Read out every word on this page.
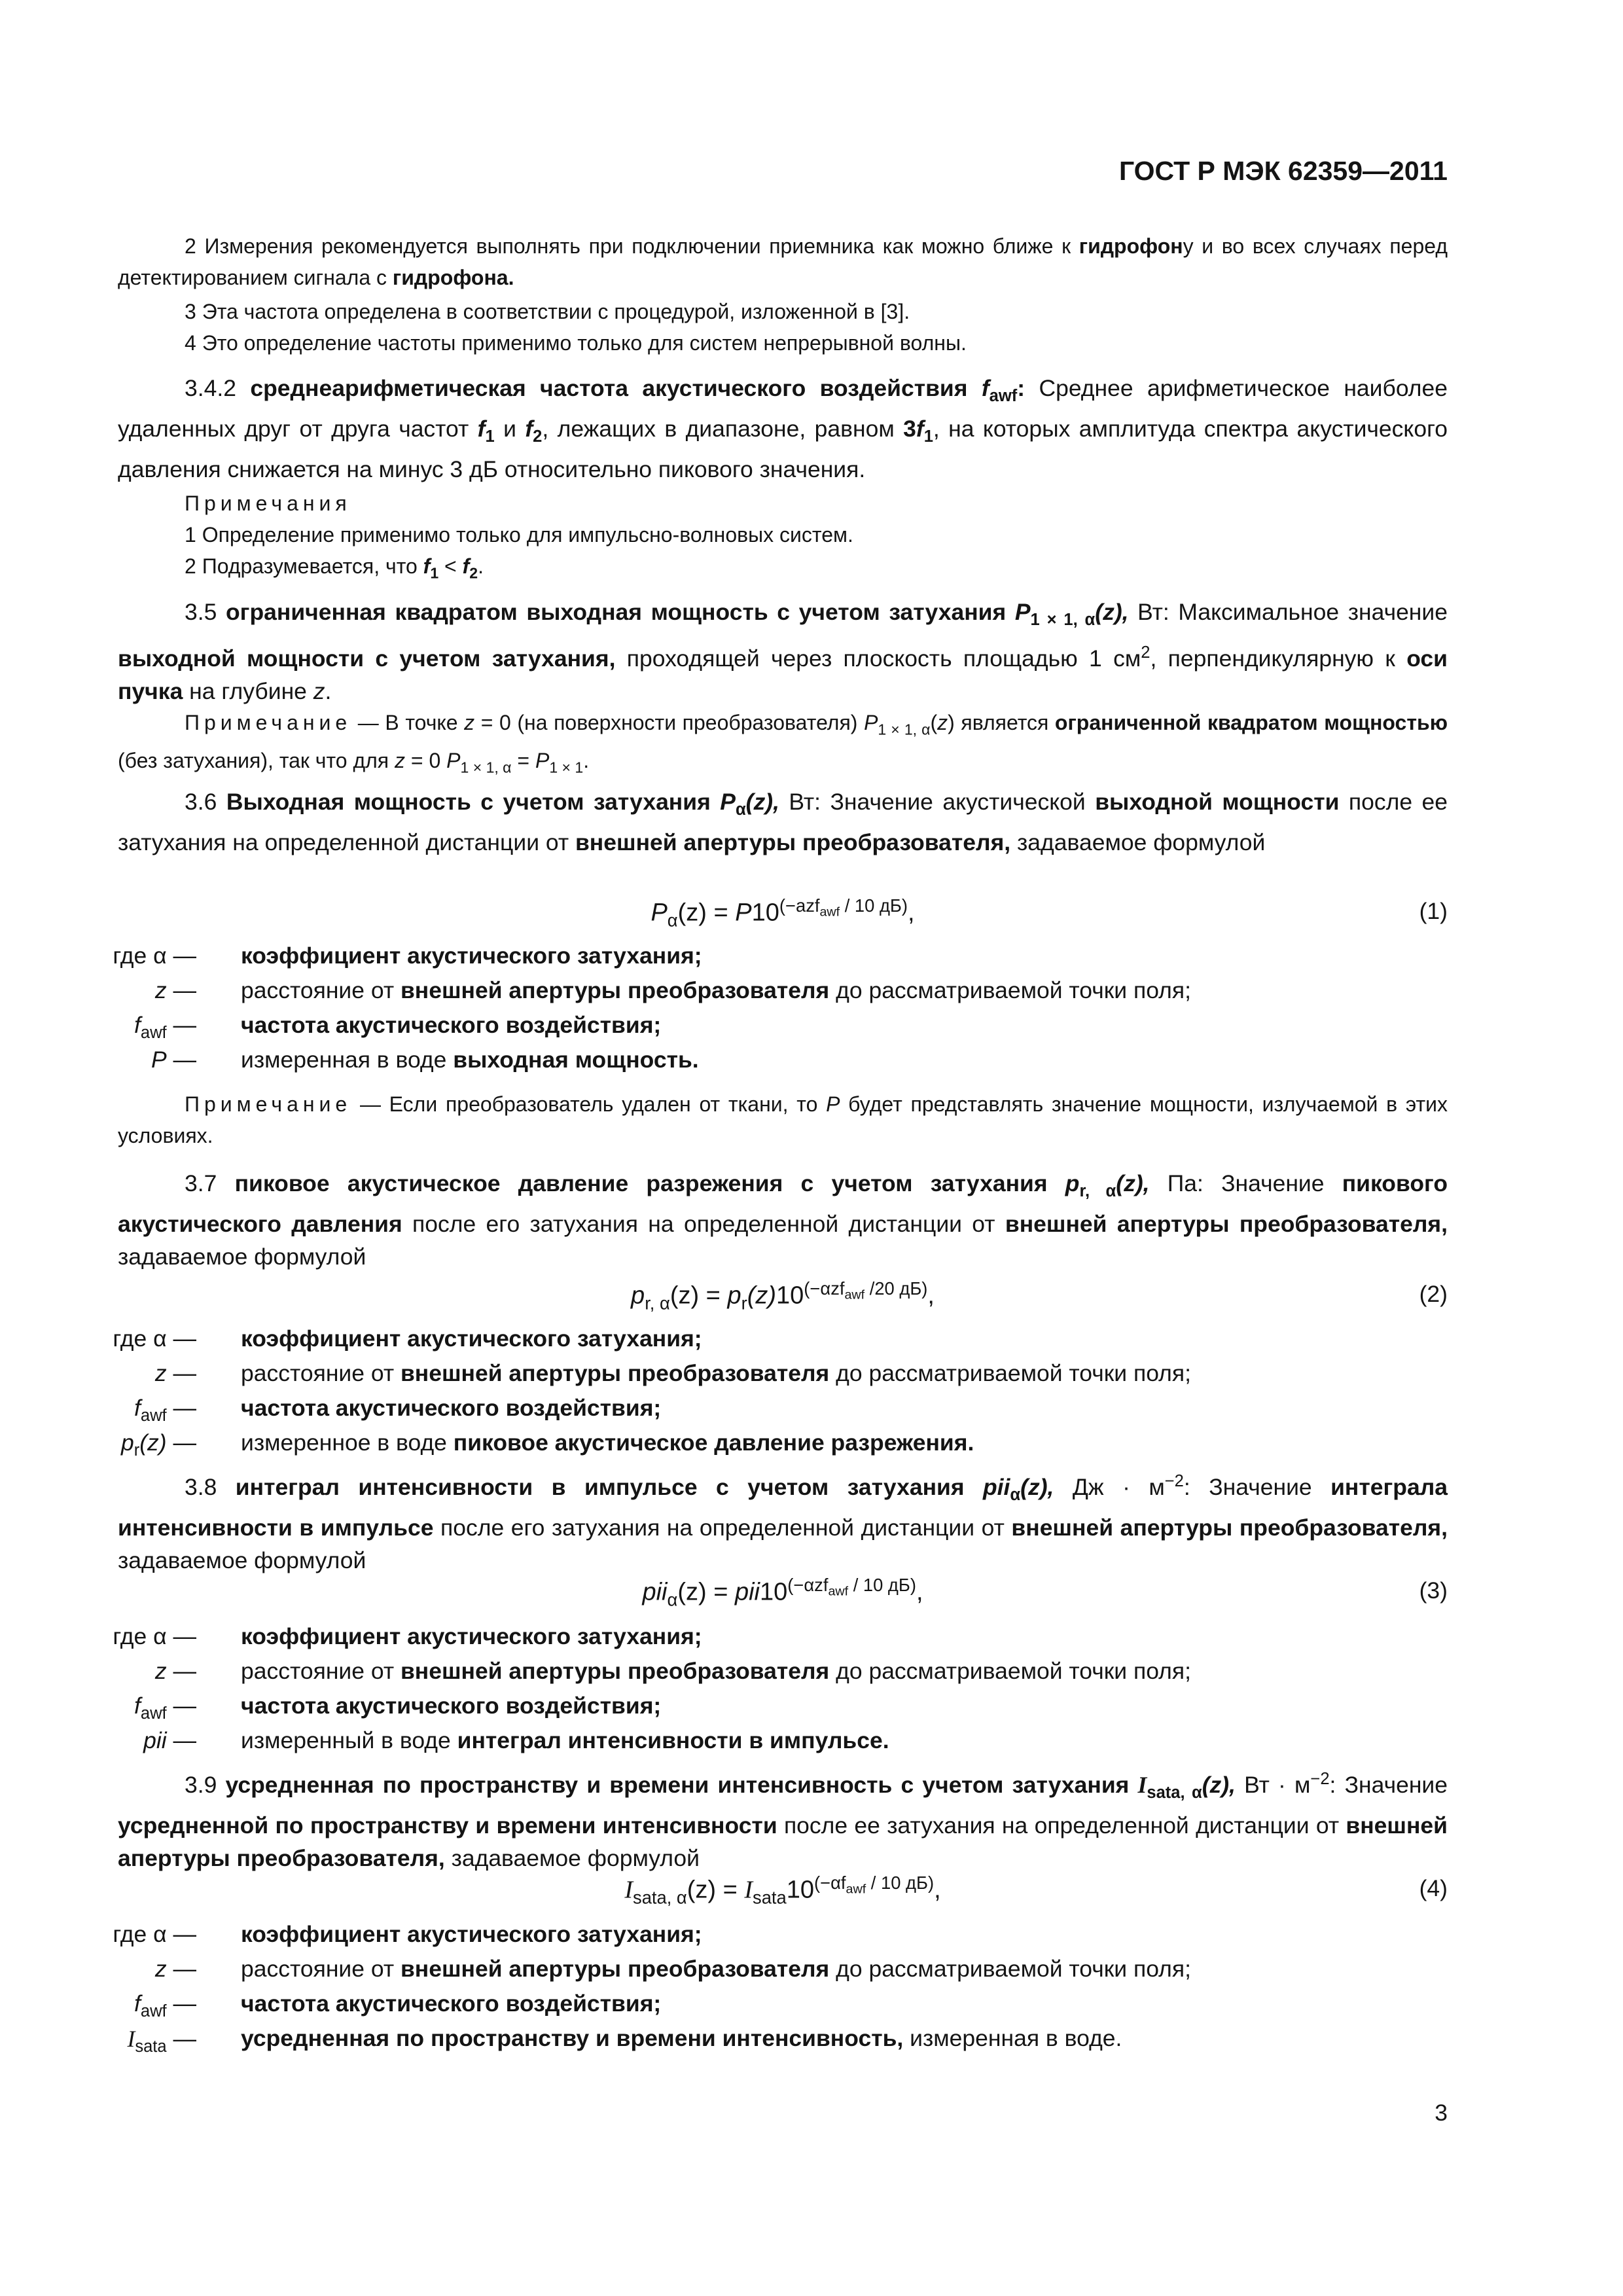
ГОСТ Р МЭК 62359—2011
2 Измерения рекомендуется выполнять при подключении приемника как можно ближе к гидрофону и во всех случаях перед детектированием сигнала с гидрофона.
3 Эта частота определена в соответствии с процедурой, изложенной в [3].
4 Это определение частоты применимо только для систем непрерывной волны.
3.4.2 среднеарифметическая частота акустического воздействия $f_{awf}$: Среднее арифметическое наиболее удаленных друг от друга частот $f_1$ и $f_2$, лежащих в диапазоне, равном $3f_1$, на которых амплитуда спектра акустического давления снижается на минус 3 дБ относительно пикового значения.
Примечания
1 Определение применимо только для импульсно-волновых систем.
2 Подразумевается, что $f_1 < f_2$.
3.5 ограниченная квадратом выходная мощность с учетом затухания $P_{1 \times 1, \alpha}(z)$, Вт: Максимальное значение выходной мощности с учетом затухания, проходящей через плоскость площадью 1 $см^2$, перпендикулярную к оси пучка на глубине z.
Примечание — В точке z = 0 (на поверхности преобразователя) $P_{1 \times 1, \alpha}(z)$ является ограниченной квадратом мощностью (без затухания), так что для z = 0 $P_{1 \times 1, \alpha} = P_{1 \times 1}$.
3.6 Выходная мощность с учетом затухания $P_\alpha(z)$, Вт: Значение акустической выходной мощности после ее затухания на определенной дистанции от внешней апертуры преобразователя, задаваемое формулой
$P_\alpha(z) = P10^{(-azf_{awf} / 10 дБ)}$,	(1)
где α — коэффициент акустического затухания;
z — расстояние от внешней апертуры преобразователя до рассматриваемой точки поля;
$f_{awf}$ — частота акустического воздействия;
P — измеренная в воде выходная мощность.
Примечание — Если преобразователь удален от ткани, то P будет представлять значение мощности, излучаемой в этих условиях.
3.7 пиковое акустическое давление разрежения с учетом затухания $p_{r, \alpha}(z)$, Па: Значение пикового акустического давления после его затухания на определенной дистанции от внешней апертуры преобразователя, задаваемое формулой
$p_{r, \alpha}(z) = p_r(z)10^{(-\alpha zf_{awf} /20 дБ)}$,	(2)
где α — коэффициент акустического затухания;
z — расстояние от внешней апертуры преобразователя до рассматриваемой точки поля;
$f_{awf}$ — частота акустического воздействия;
$p_r(z)$ — измеренное в воде пиковое акустическое давление разрежения.
3.8 интеграл интенсивности в импульсе с учетом затухания pii$_\alpha$(z), Дж · $м^{-2}$: Значение интеграла интенсивности в импульсе после его затухания на определенной дистанции от внешней апертуры преобразователя, задаваемое формулой
$pii_\alpha(z) = pii10^{(-\alpha zf_{awf} / 10 дБ)}$,	(3)
где α — коэффициент акустического затухания;
z — расстояние от внешней апертуры преобразователя до рассматриваемой точки поля;
$f_{awf}$ — частота акустического воздействия;
pii — измеренный в воде интеграл интенсивности в импульсе.
3.9 усредненная по пространству и времени интенсивность с учетом затухания $I_{sata, \alpha}(z)$, Вт · $м^{-2}$: Значение усредненной по пространству и времени интенсивности после ее затухания на определенной дистанции от внешней апертуры преобразователя, задаваемое формулой
$I_{sata, \alpha}(z) = I_{sata}10^{(-\alpha f_{awf} / 10 дБ)}$,	(4)
где α — коэффициент акустического затухания;
z — расстояние от внешней апертуры преобразователя до рассматриваемой точки поля;
$f_{awf}$ — частота акустического воздействия;
$I_{sata}$ — усредненная по пространству и времени интенсивность, измеренная в воде.
3
